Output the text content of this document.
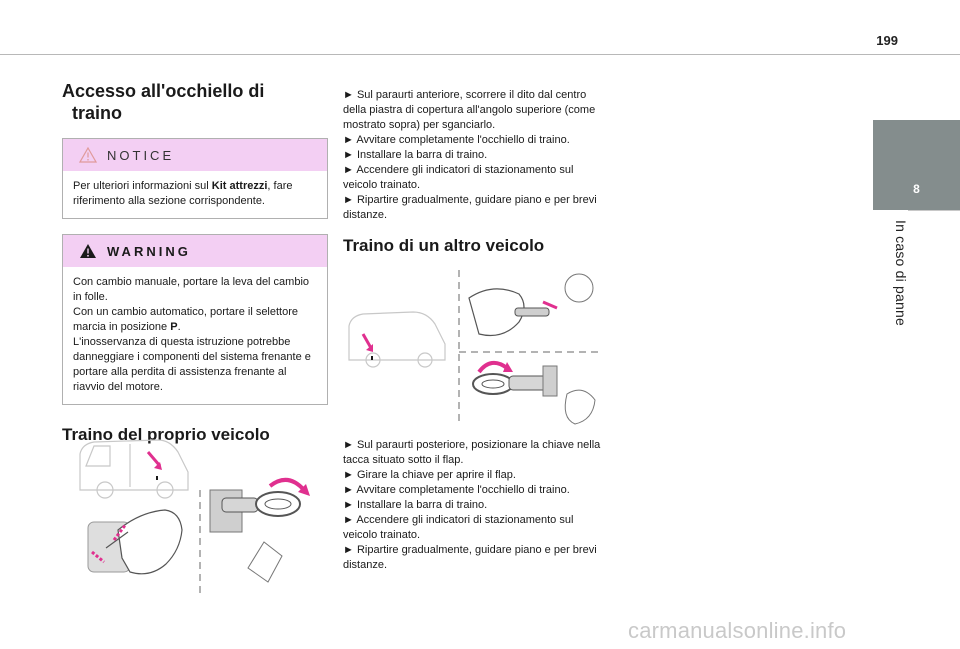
199
8
In caso di panne
Accesso all'occhiello di
traino
NOTICE
Per ulteriori informazioni sul Kit attrezzi, fare riferimento alla sezione corrispondente.
WARNING
Con cambio manuale, portare la leva del cambio in folle.
Con un cambio automatico, portare il selettore marcia in posizione P.
L'inosservanza di questa istruzione potrebbe danneggiare i componenti del sistema frenante e portare alla perdita di assistenza frenante al riavvio del motore.
Traino del proprio veicolo

► Sul paraurti anteriore, scorrere il dito dal centro della piastra di copertura all'angolo superiore (come mostrato sopra) per sganciarlo.

► Avvitare completamente l'occhiello di traino.

► Installare la barra di traino.

► Accendere gli indicatori di stazionamento sul veicolo trainato.

► Ripartire gradualmente, guidare piano e per brevi distanze.

Traino di un altro veicolo

► Sul paraurti posteriore, posizionare la chiave nella tacca situato sotto il flap.

► Girare la chiave per aprire il flap.

► Avvitare completamente l'occhiello di traino.

► Installare la barra di traino.

► Accendere gli indicatori di stazionamento sul veicolo trainato.

► Ripartire gradualmente, guidare piano e per brevi distanze.

carmanualsonline.info
